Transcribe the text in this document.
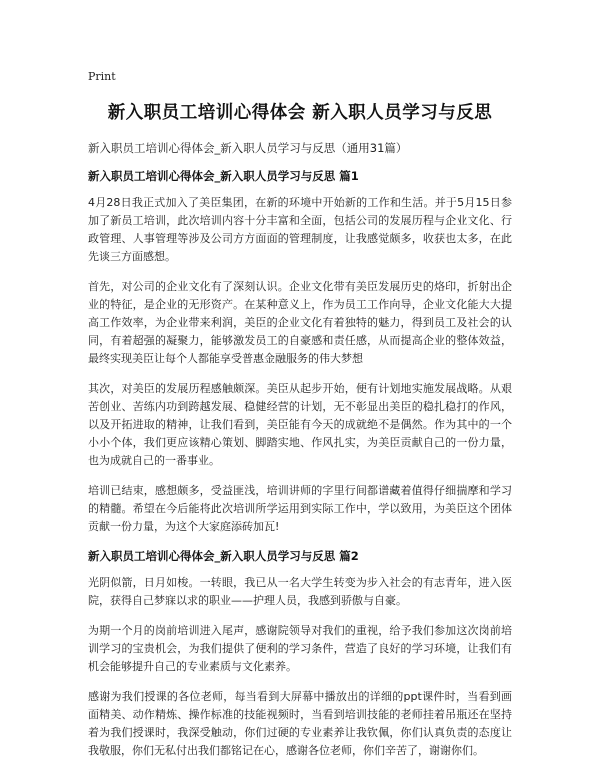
Print
新入职员工培训心得体会 新入职人员学习与反思
新入职员工培训心得体会_新入职人员学习与反思（通用31篇）
新入职员工培训心得体会_新入职人员学习与反思 篇1

4月28日我正式加入了美臣集团，在新的环境中开始新的工作和生活。并于5月15日参加了新员工培训，此次培训内容十分丰富和全面，包括公司的发展历程与企业文化、行政管理、人事管理等涉及公司方方面面的管理制度，让我感觉颇多，收获也太多，在此先谈三方面感想。

首先，对公司的企业文化有了深刻认识。企业文化带有美臣发展历史的烙印，折射出企业的特征，是企业的无形资产。在某种意义上，作为员工工作向导，企业文化能大大提高工作效率，为企业带来利润，美臣的企业文化有着独特的魅力，得到员工及社会的认同，有着超强的凝聚力，能够激发员工的自豪感和责任感，从而提高企业的整体效益，最终实现美臣让每个人都能享受普惠金融服务的伟大梦想

其次，对美臣的发展历程感触颇深。美臣从起步开始，便有计划地实施发展战略。从艰苦创业、苦练内功到跨越发展、稳健经营的计划，无不彰显出美臣的稳扎稳打的作风，以及开拓进取的精神，让我们看到，美臣能有今天的成就绝不是偶然。作为其中的一个小小个体，我们更应该精心策划、脚踏实地、作风扎实，为美臣贡献自己的一份力量，也为成就自己的一番事业。

培训已结束，感想颇多，受益匪浅，培训讲师的字里行间都谱藏着值得仔细揣摩和学习的精髓。希望在今后能将此次培训所学运用到实际工作中，学以致用，为美臣这个团体贡献一份力量，为这个大家庭添砖加瓦!

新入职员工培训心得体会_新入职人员学习与反思 篇2

光阴似箭，日月如梭。一转眼，我已从一名大学生转变为步入社会的有志青年，进入医院，获得自己梦寐以求的职业——护理人员，我感到骄傲与自豪。

为期一个月的岗前培训进入尾声，感谢院领导对我们的重视，给予我们参加这次岗前培训学习的宝贵机会，为我们提供了便利的学习条件，营造了良好的学习环境，让我们有机会能够提升自己的专业素质与文化素养。

感谢为我们授课的各位老师，每当看到大屏幕中播放出的详细的ppt课件时，当看到画面精美、动作精炼、操作标准的技能视频时，当看到培训技能的老师挂着吊瓶还在坚持着为我们授课时，我深受触动，你们过硬的专业素养让我钦佩，你们认真负责的态度让我敬服，你们无私付出我们都铭记在心，感谢各位老师，你们辛苦了，谢谢你们。
